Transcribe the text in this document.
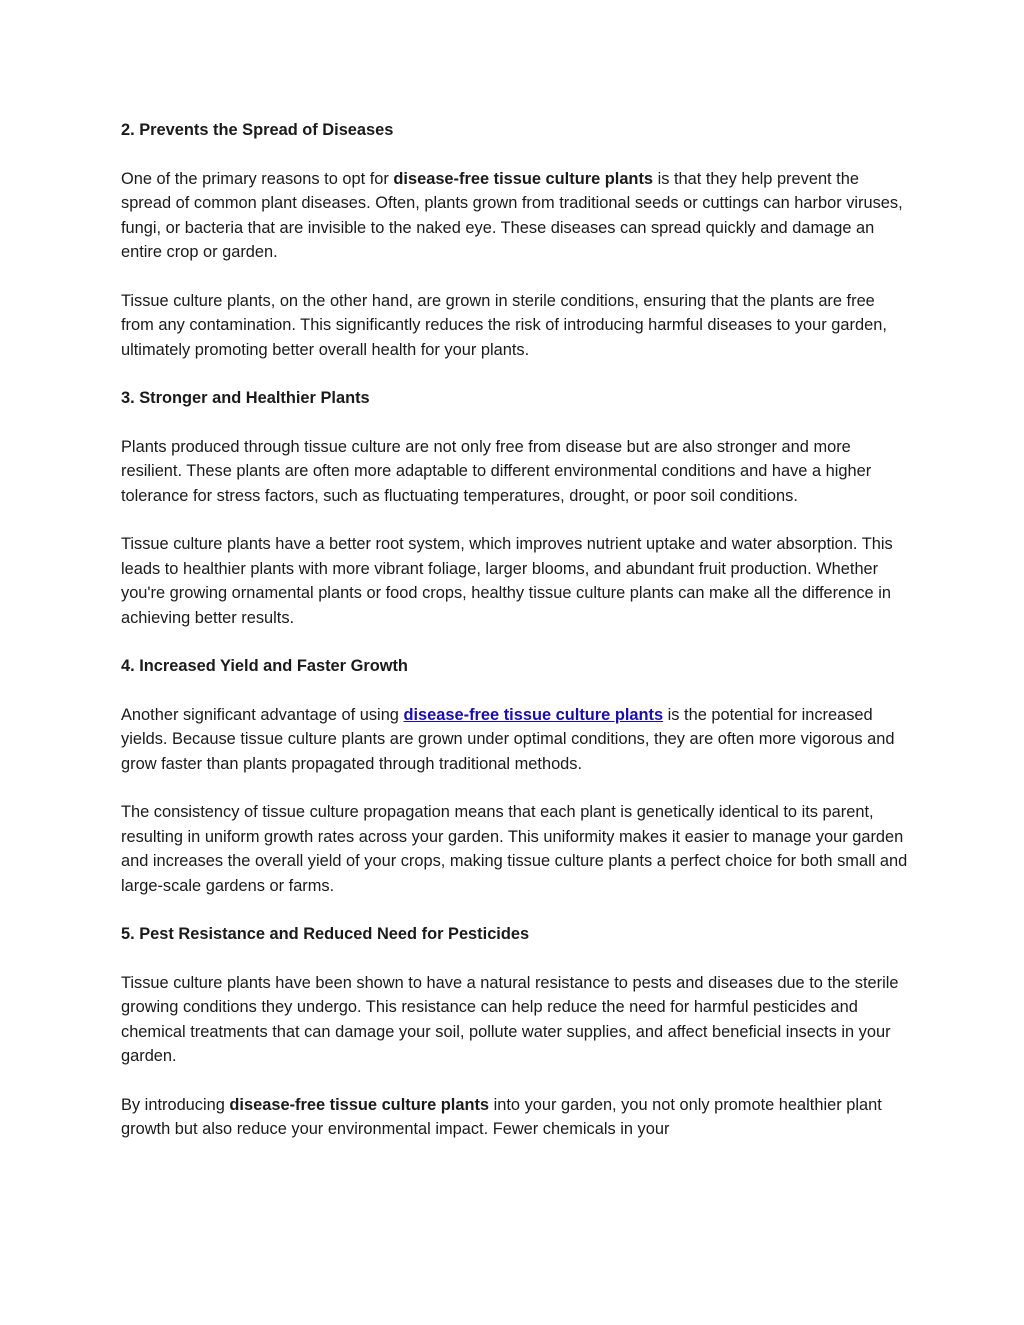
2. Prevents the Spread of Diseases

One of the primary reasons to opt for disease-free tissue culture plants is that they help prevent the spread of common plant diseases. Often, plants grown from traditional seeds or cuttings can harbor viruses, fungi, or bacteria that are invisible to the naked eye. These diseases can spread quickly and damage an entire crop or garden.

Tissue culture plants, on the other hand, are grown in sterile conditions, ensuring that the plants are free from any contamination. This significantly reduces the risk of introducing harmful diseases to your garden, ultimately promoting better overall health for your plants.

3. Stronger and Healthier Plants

Plants produced through tissue culture are not only free from disease but are also stronger and more resilient. These plants are often more adaptable to different environmental conditions and have a higher tolerance for stress factors, such as fluctuating temperatures, drought, or poor soil conditions.

Tissue culture plants have a better root system, which improves nutrient uptake and water absorption. This leads to healthier plants with more vibrant foliage, larger blooms, and abundant fruit production. Whether you're growing ornamental plants or food crops, healthy tissue culture plants can make all the difference in achieving better results.

4. Increased Yield and Faster Growth

Another significant advantage of using disease-free tissue culture plants is the potential for increased yields. Because tissue culture plants are grown under optimal conditions, they are often more vigorous and grow faster than plants propagated through traditional methods.

The consistency of tissue culture propagation means that each plant is genetically identical to its parent, resulting in uniform growth rates across your garden. This uniformity makes it easier to manage your garden and increases the overall yield of your crops, making tissue culture plants a perfect choice for both small and large-scale gardens or farms.

5. Pest Resistance and Reduced Need for Pesticides

Tissue culture plants have been shown to have a natural resistance to pests and diseases due to the sterile growing conditions they undergo. This resistance can help reduce the need for harmful pesticides and chemical treatments that can damage your soil, pollute water supplies, and affect beneficial insects in your garden.

By introducing disease-free tissue culture plants into your garden, you not only promote healthier plant growth but also reduce your environmental impact. Fewer chemicals in your
